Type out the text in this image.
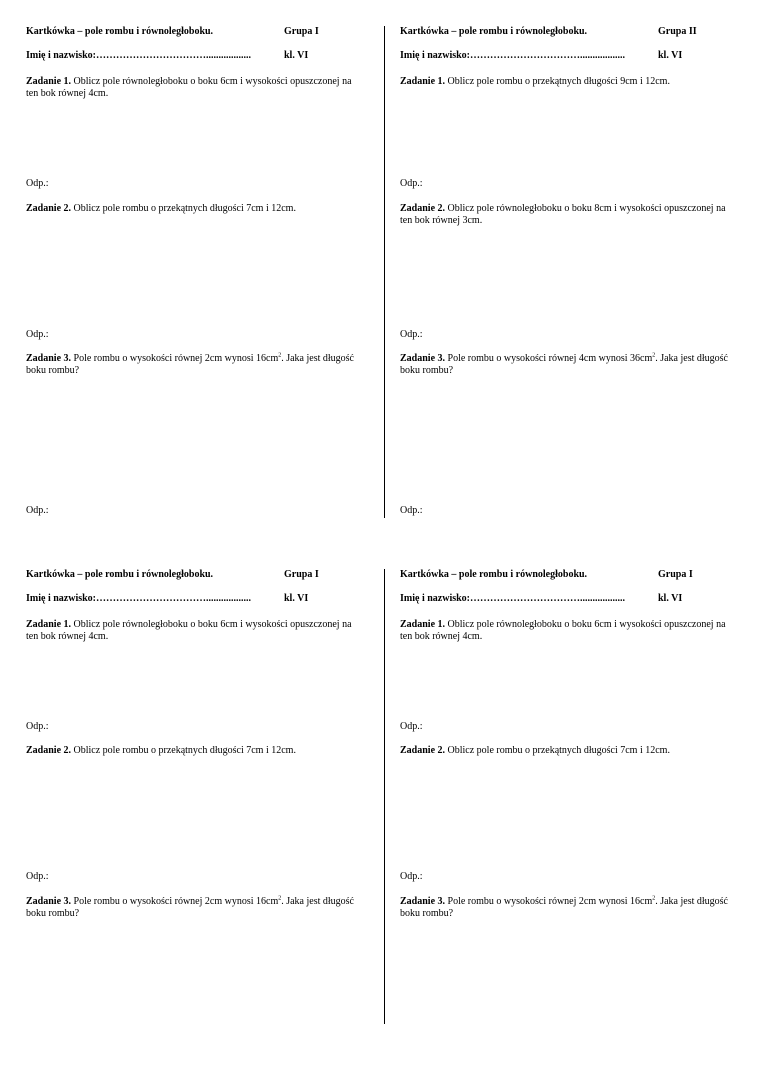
Kartkówka – pole rombu i równoległoboku.	Grupa I
Imię i nazwisko:……………………………..................	kl. VI
Zadanie 1. Oblicz pole równoległoboku o boku 6cm i wysokości opuszczonej na ten bok równej 4cm.
Odp.:
Zadanie 2. Oblicz pole rombu o przekątnych długości 7cm i 12cm.
Odp.:
Zadanie 3. Pole rombu o wysokości równej 2cm wynosi $16cm^2$. Jaka jest długość boku rombu?
Odp.:
Kartkówka – pole rombu i równoległoboku.	Grupa II
Imię i nazwisko:……………………………..................	kl. VI
Zadanie 1. Oblicz pole rombu o przekątnych długości 9cm i 12cm.
Odp.:
Zadanie 2. Oblicz pole równoległoboku o boku 8cm i wysokości opuszczonej na ten bok równej 3cm.
Odp.:
Zadanie 3. Pole rombu o wysokości równej 4cm wynosi $36cm^2$. Jaka jest długość boku rombu?
Odp.:
Kartkówka – pole rombu i równoległoboku.	Grupa I
Imię i nazwisko:……………………………..................	kl. VI
Zadanie 1. Oblicz pole równoległoboku o boku 6cm i wysokości opuszczonej na ten bok równej 4cm.
Odp.:
Zadanie 2. Oblicz pole rombu o przekątnych długości 7cm i 12cm.
Odp.:
Zadanie 3. Pole rombu o wysokości równej 2cm wynosi $16cm^2$. Jaka jest długość boku rombu?
Kartkówka – pole rombu i równoległoboku.	Grupa I
Imię i nazwisko:……………………………..................	kl. VI
Zadanie 1. Oblicz pole równoległoboku o boku 6cm i wysokości opuszczonej na ten bok równej 4cm.
Odp.:
Zadanie 2. Oblicz pole rombu o przekątnych długości 7cm i 12cm.
Odp.:
Zadanie 3. Pole rombu o wysokości równej 2cm wynosi $16cm^2$. Jaka jest długość boku rombu?
